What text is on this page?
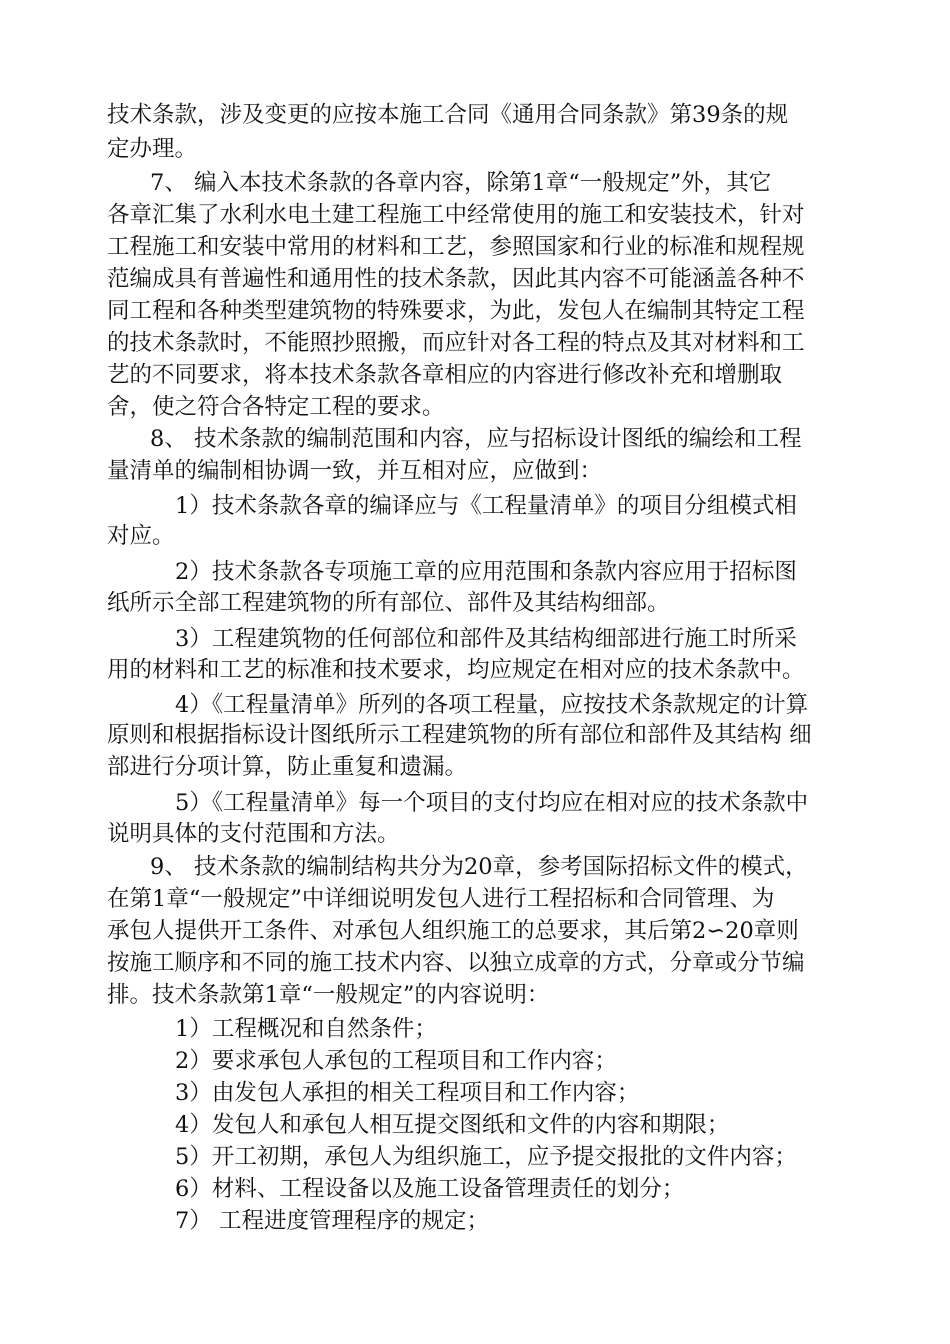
技术条款，涉及变更的应按本施工合同《通用合同条款》第39条的规
定办理。
7、 编入本技术条款的各章内容，除第1章“一般规定”外，其它
各章汇集了水利水电土建工程施工中经常使用的施工和安装技术，针对
工程施工和安装中常用的材料和工艺，参照国家和行业的标准和规程规
范编成具有普遍性和通用性的技术条款，因此其内容不可能涵盖各种不
同工程和各种类型建筑物的特殊要求，为此，发包人在编制其特定工程
的技术条款时，不能照抄照搬，而应针对各工程的特点及其对材料和工
艺的不同要求，将本技术条款各章相应的内容进行修改补充和增删取
舍，使之符合各特定工程的要求。
8、 技术条款的编制范围和内容，应与招标设计图纸的编绘和工程
量清单的编制相协调一致，并互相对应，应做到：
1）技术条款各章的编译应与《工程量清单》的项目分组模式相
对应。
2）技术条款各专项施工章的应用范围和条款内容应用于招标图
纸所示全部工程建筑物的所有部位、部件及其结构细部。
3）工程建筑物的任何部位和部件及其结构细部进行施工时所采
用的材料和工艺的标准和技术要求，均应规定在相对应的技术条款中。
4）《工程量清单》所列的各项工程量，应按技术条款规定的计算
原则和根据指标设计图纸所示工程建筑物的所有部位和部件及其结构 细
部进行分项计算，防止重复和遗漏。
5）《工程量清单》每一个项目的支付均应在相对应的技术条款中
说明具体的支付范围和方法。
9、 技术条款的编制结构共分为20章，参考国际招标文件的模式，
在第1章“一般规定”中详细说明发包人进行工程招标和合同管理、为
承包人提供开工条件、对承包人组织施工的总要求，其后第2∽20章则
按施工顺序和不同的施工技术内容、以独立成章的方式，分章或分节编
排。技术条款第1章“一般规定”的内容说明：
1）工程概况和自然条件；
2）要求承包人承包的工程项目和工作内容；
3）由发包人承担的相关工程项目和工作内容；
4）发包人和承包人相互提交图纸和文件的内容和期限；
5）开工初期，承包人为组织施工，应予提交报批的文件内容；
6）材料、工程设备以及施工设备管理责任的划分；
7） 工程进度管理程序的规定；
